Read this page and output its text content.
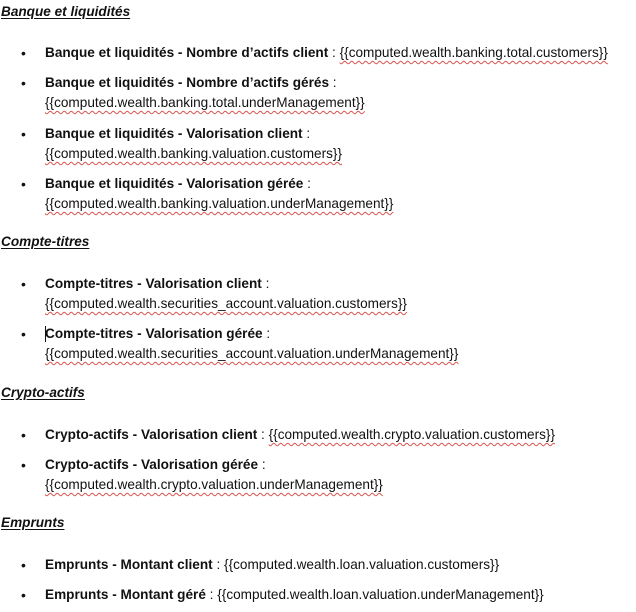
Banque et liquidités
• Banque et liquidités - Nombre d’actifs client : {{computed.wealth.banking.total.customers}}
• Banque et liquidités - Nombre d’actifs gérés :
{{computed.wealth.banking.total.underManagement}}
• Banque et liquidités - Valorisation client :
{{computed.wealth.banking.valuation.customers}}
• Banque et liquidités - Valorisation gérée :
{{computed.wealth.banking.valuation.underManagement}}
Compte-titres
• Compte-titres - Valorisation client :
{{computed.wealth.securities_account.valuation.customers}}
• Compte-titres - Valorisation gérée :
{{computed.wealth.securities_account.valuation.underManagement}}
Crypto-actifs
• Crypto-actifs - Valorisation client : {{computed.wealth.crypto.valuation.customers}}
• Crypto-actifs - Valorisation gérée :
{{computed.wealth.crypto.valuation.underManagement}}
Emprunts
• Emprunts - Montant client : {{computed.wealth.loan.valuation.customers}}
• Emprunts - Montant géré : {{computed.wealth.loan.valuation.underManagement}}
